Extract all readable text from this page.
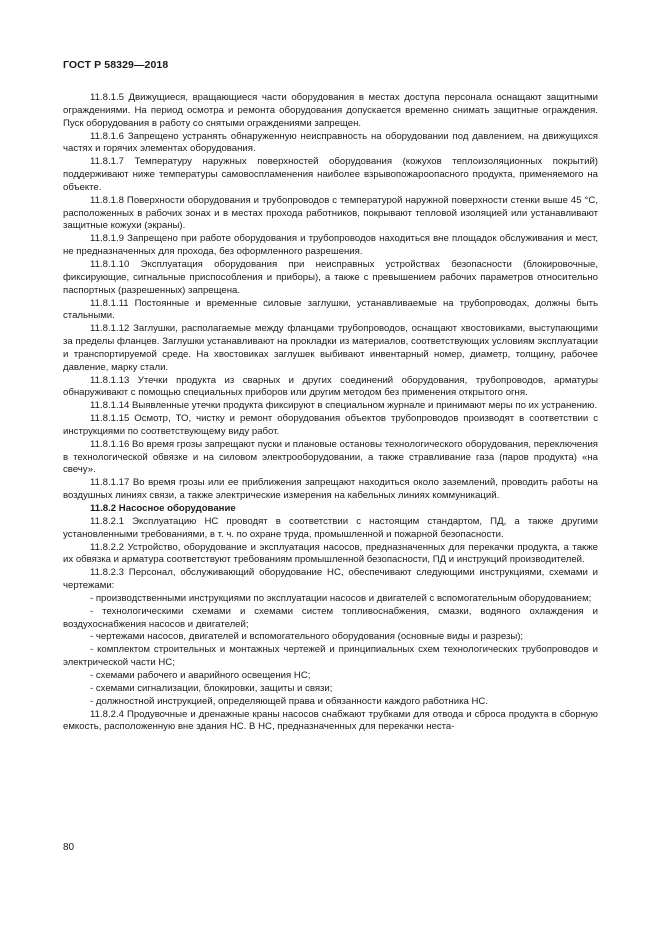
ГОСТ Р 58329—2018

11.8.1.5 Движущиеся, вращающиеся части оборудования в местах доступа персонала оснащают защитными ограждениями. На период осмотра и ремонта оборудования допускается временно снимать защитные ограждения. Пуск оборудования в работу со снятыми ограждениями запрещен.

11.8.1.6 Запрещено устранять обнаруженную неисправность на оборудовании под давлением, на движущихся частях и горячих элементах оборудования.

11.8.1.7 Температуру наружных поверхностей оборудования (кожухов теплоизоляционных покрытий) поддерживают ниже температуры самовоспламенения наиболее взрывопожароопасного продукта, применяемого на объекте.

11.8.1.8 Поверхности оборудования и трубопроводов с температурой наружной поверхности стенки выше 45 °C, расположенных в рабочих зонах и в местах прохода работников, покрывают тепловой изоляцией или устанавливают защитные кожухи (экраны).

11.8.1.9 Запрещено при работе оборудования и трубопроводов находиться вне площадок обслуживания и мест, не предназначенных для прохода, без оформленного разрешения.

11.8.1.10 Эксплуатация оборудования при неисправных устройствах безопасности (блокировочные, фиксирующие, сигнальные приспособления и приборы), а также с превышением рабочих параметров относительно паспортных (разрешенных) запрещена.

11.8.1.11 Постоянные и временные силовые заглушки, устанавливаемые на трубопроводах, должны быть стальными.

11.8.1.12 Заглушки, располагаемые между фланцами трубопроводов, оснащают хвостовиками, выступающими за пределы фланцев. Заглушки устанавливают на прокладки из материалов, соответствующих условиям эксплуатации и транспортируемой среде. На хвостовиках заглушек выбивают инвентарный номер, диаметр, толщину, рабочее давление, марку стали.

11.8.1.13 Утечки продукта из сварных и других соединений оборудования, трубопроводов, арматуры обнаруживают с помощью специальных приборов или другим методом без применения открытого огня.

11.8.1.14 Выявленные утечки продукта фиксируют в специальном журнале и принимают меры по их устранению.

11.8.1.15 Осмотр, ТО, чистку и ремонт оборудования объектов трубопроводов производят в соответствии с инструкциями по соответствующему виду работ.

11.8.1.16 Во время грозы запрещают пуски и плановые остановы технологического оборудования, переключения в технологической обвязке и на силовом электрооборудовании, а также стравливание газа (паров продукта) «на свечу».

11.8.1.17 Во время грозы или ее приближения запрещают находиться около заземлений, проводить работы на воздушных линиях связи, а также электрические измерения на кабельных линиях коммуникаций.

11.8.2 Насосное оборудование

11.8.2.1 Эксплуатацию НС проводят в соответствии с настоящим стандартом, ПД, а также другими установленными требованиями, в т. ч. по охране труда, промышленной и пожарной безопасности.

11.8.2.2 Устройство, оборудование и эксплуатация насосов, предназначенных для перекачки продукта, а также их обвязка и арматура соответствуют требованиям промышленной безопасности, ПД и инструкций производителей.

11.8.2.3 Персонал, обслуживающий оборудование НС, обеспечивают следующими инструкциями, схемами и чертежами:

- производственными инструкциями по эксплуатации насосов и двигателей с вспомогательным оборудованием;

- технологическими схемами и схемами систем топливоснабжения, смазки, водяного охлаждения и воздухоснабжения насосов и двигателей;

- чертежами насосов, двигателей и вспомогательного оборудования (основные виды и разрезы);

- комплектом строительных и монтажных чертежей и принципиальных схем технологических трубопроводов и электрической части НС;

- схемами рабочего и аварийного освещения НС;

- схемами сигнализации, блокировки, защиты и связи;

- должностной инструкцией, определяющей права и обязанности каждого работника НС.

11.8.2.4 Продувочные и дренажные краны насосов снабжают трубками для отвода и сброса продукта в сборную емкость, расположенную вне здания НС. В НС, предназначенных для перекачки неста-

80
